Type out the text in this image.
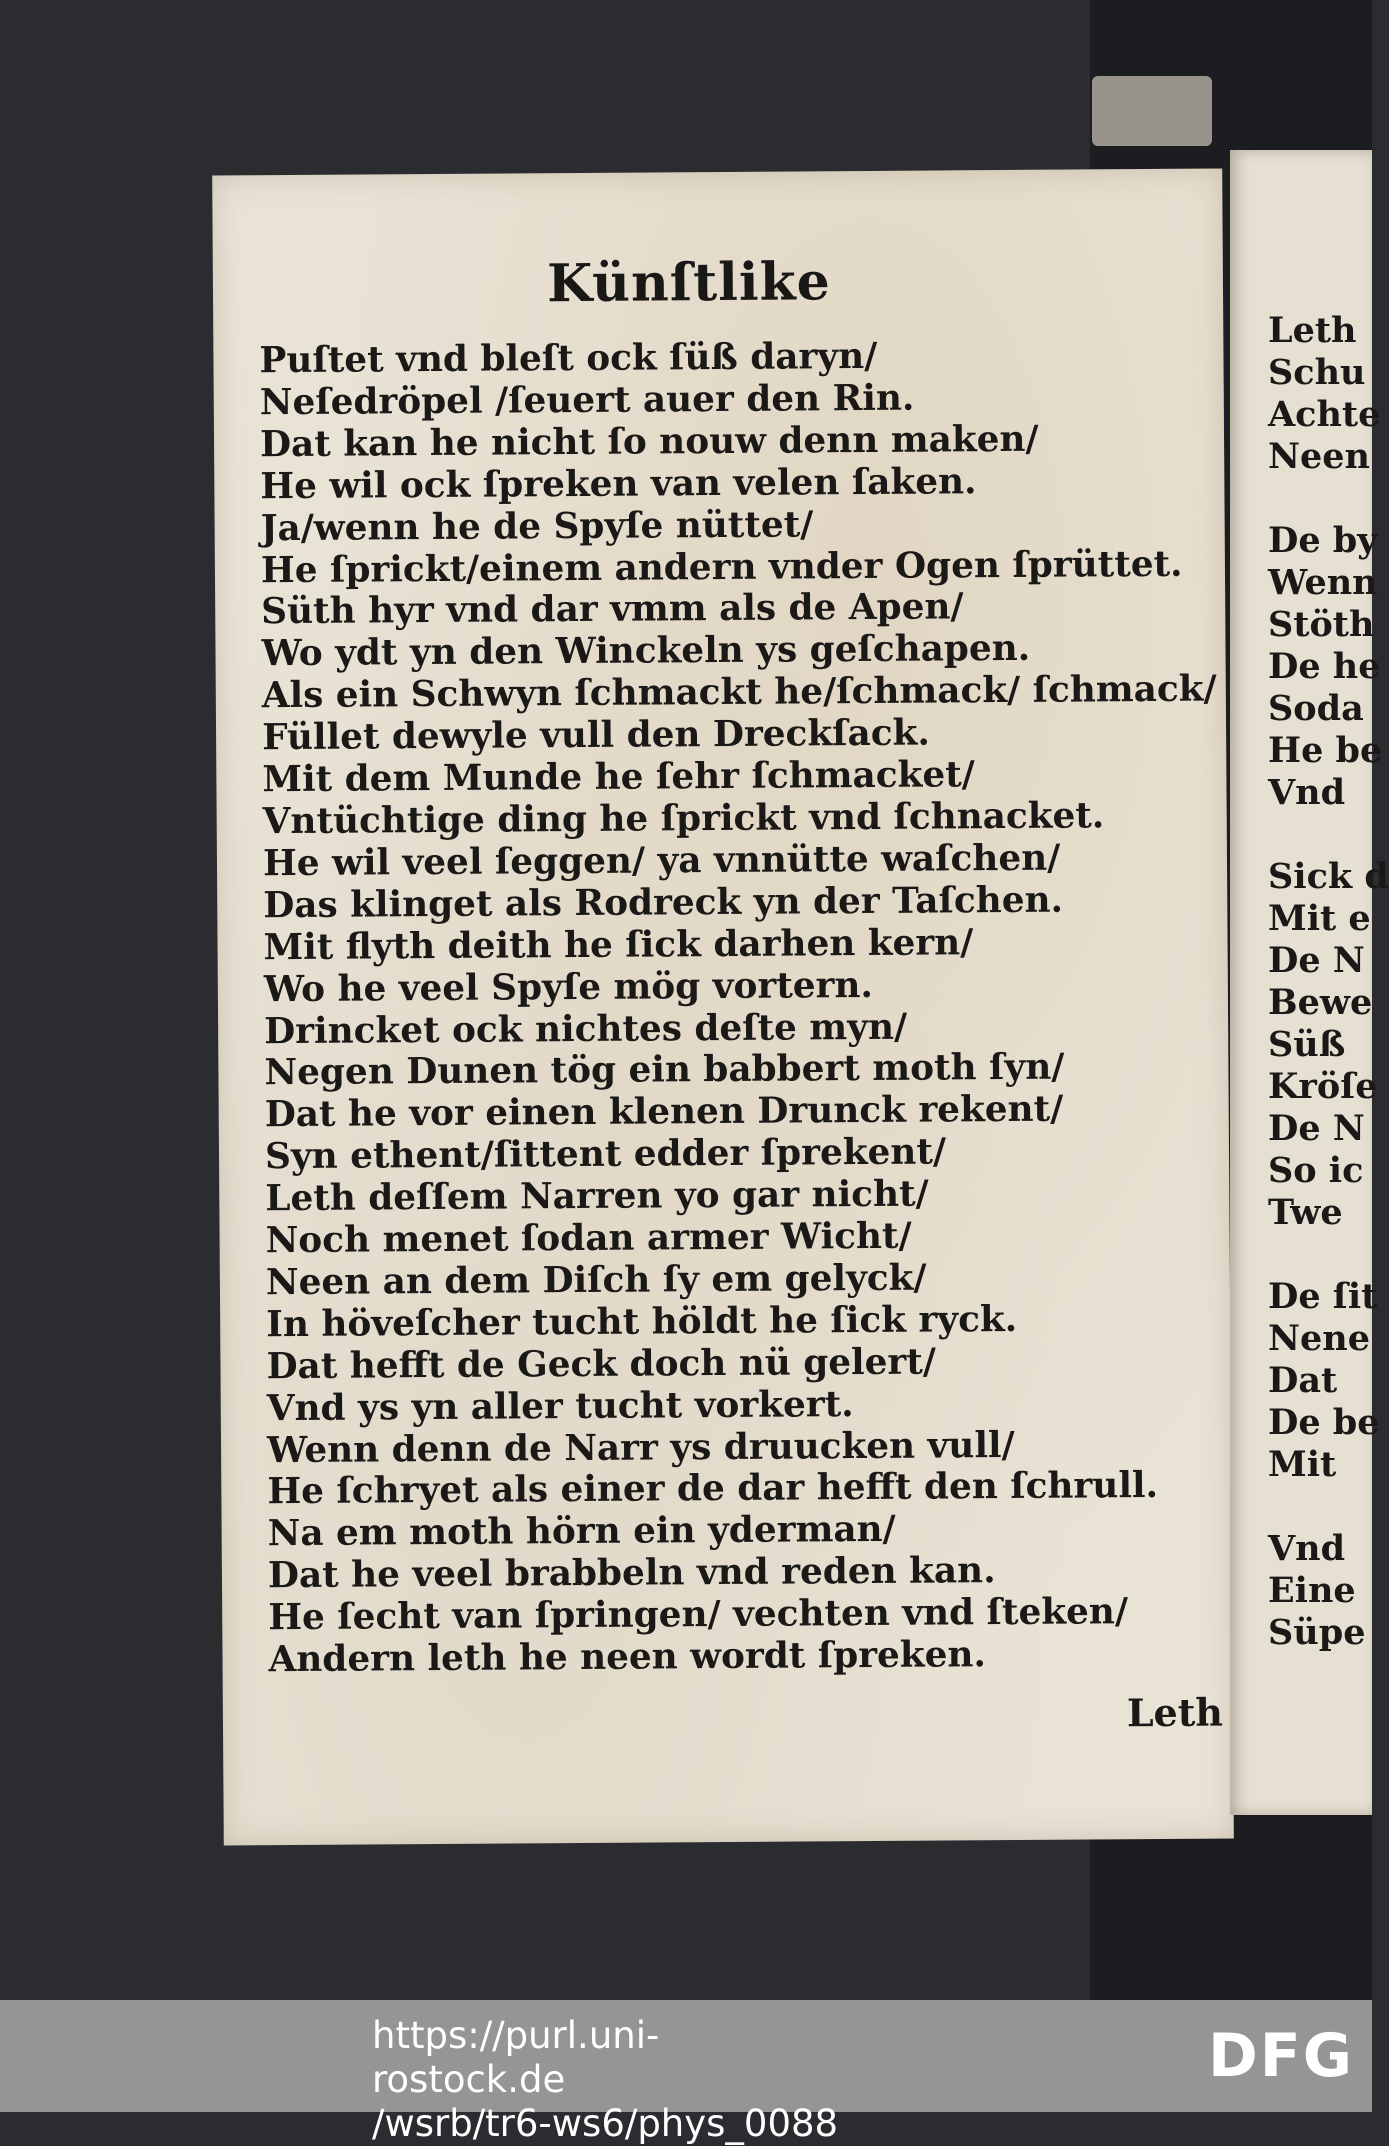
Künſtlike
Puſtet vnd bleſt ock ſüß daryn/
Neſedröpel /ſeuert auer den Rin.
Dat kan he nicht ſo nouw denn maken/
He wil ock ſpreken van velen ſaken.
Ja/wenn he de Spyſe nüttet/
He ſprickt/einem andern vnder Ogen ſprüttet.
Süth hyr vnd dar vmm als de Apen/
Wo ydt yn den Winckeln ys geſchapen.
Als ein Schwyn ſchmackt he/ſchmack/ ſchmack/
Füllet dewyle vull den Dreckſack.
Mit dem Munde he ſehr ſchmacket/
Vntüchtige ding he ſprickt vnd ſchnacket.
He wil veel ſeggen/ ya vnnütte waſchen/
Das klinget als Rodreck yn der Taſchen.
Mit flyth deith he ſick darhen kern/
Wo he veel Spyſe mög vortern.
Drincket ock nichtes deſte myn/
Negen Dunen tög ein babbert moth ſyn/
Dat he vor einen klenen Drunck rekent/
Syn ethent/ſittent edder ſprekent/
Leth deſſem Narren yo gar nicht/
Noch menet ſodan armer Wicht/
Neen an dem Diſch ſy em gelyck/
In höveſcher tucht höldt he ſick ryck.
Dat hefft de Geck doch nü gelert/
Vnd ys yn aller tucht vorkert.
Wenn denn de Narr ys druucken vull/
He ſchryet als einer de dar hefft den ſchrull.
Na em moth hörn ein yderman/
Dat he veel brabbeln vnd reden kan.
He ſecht van ſpringen/ vechten vnd ſteken/
Andern leth he neen wordt ſpreken.
Leth
Leth
Schu
Achte
Neen
De by
Wenn
Stöth
De he
Soda
He be
Vnd
Sick d
Mit e
De N
Bewe
Süß
Kröſe
De N
So ic
Twe
De ſit
Nene
Dat
De be
Mit
Vnd
Eine
Süpe
https://purl.uni-rostock.de
/wsrb/tr6-ws6/phys_0088
DFG
